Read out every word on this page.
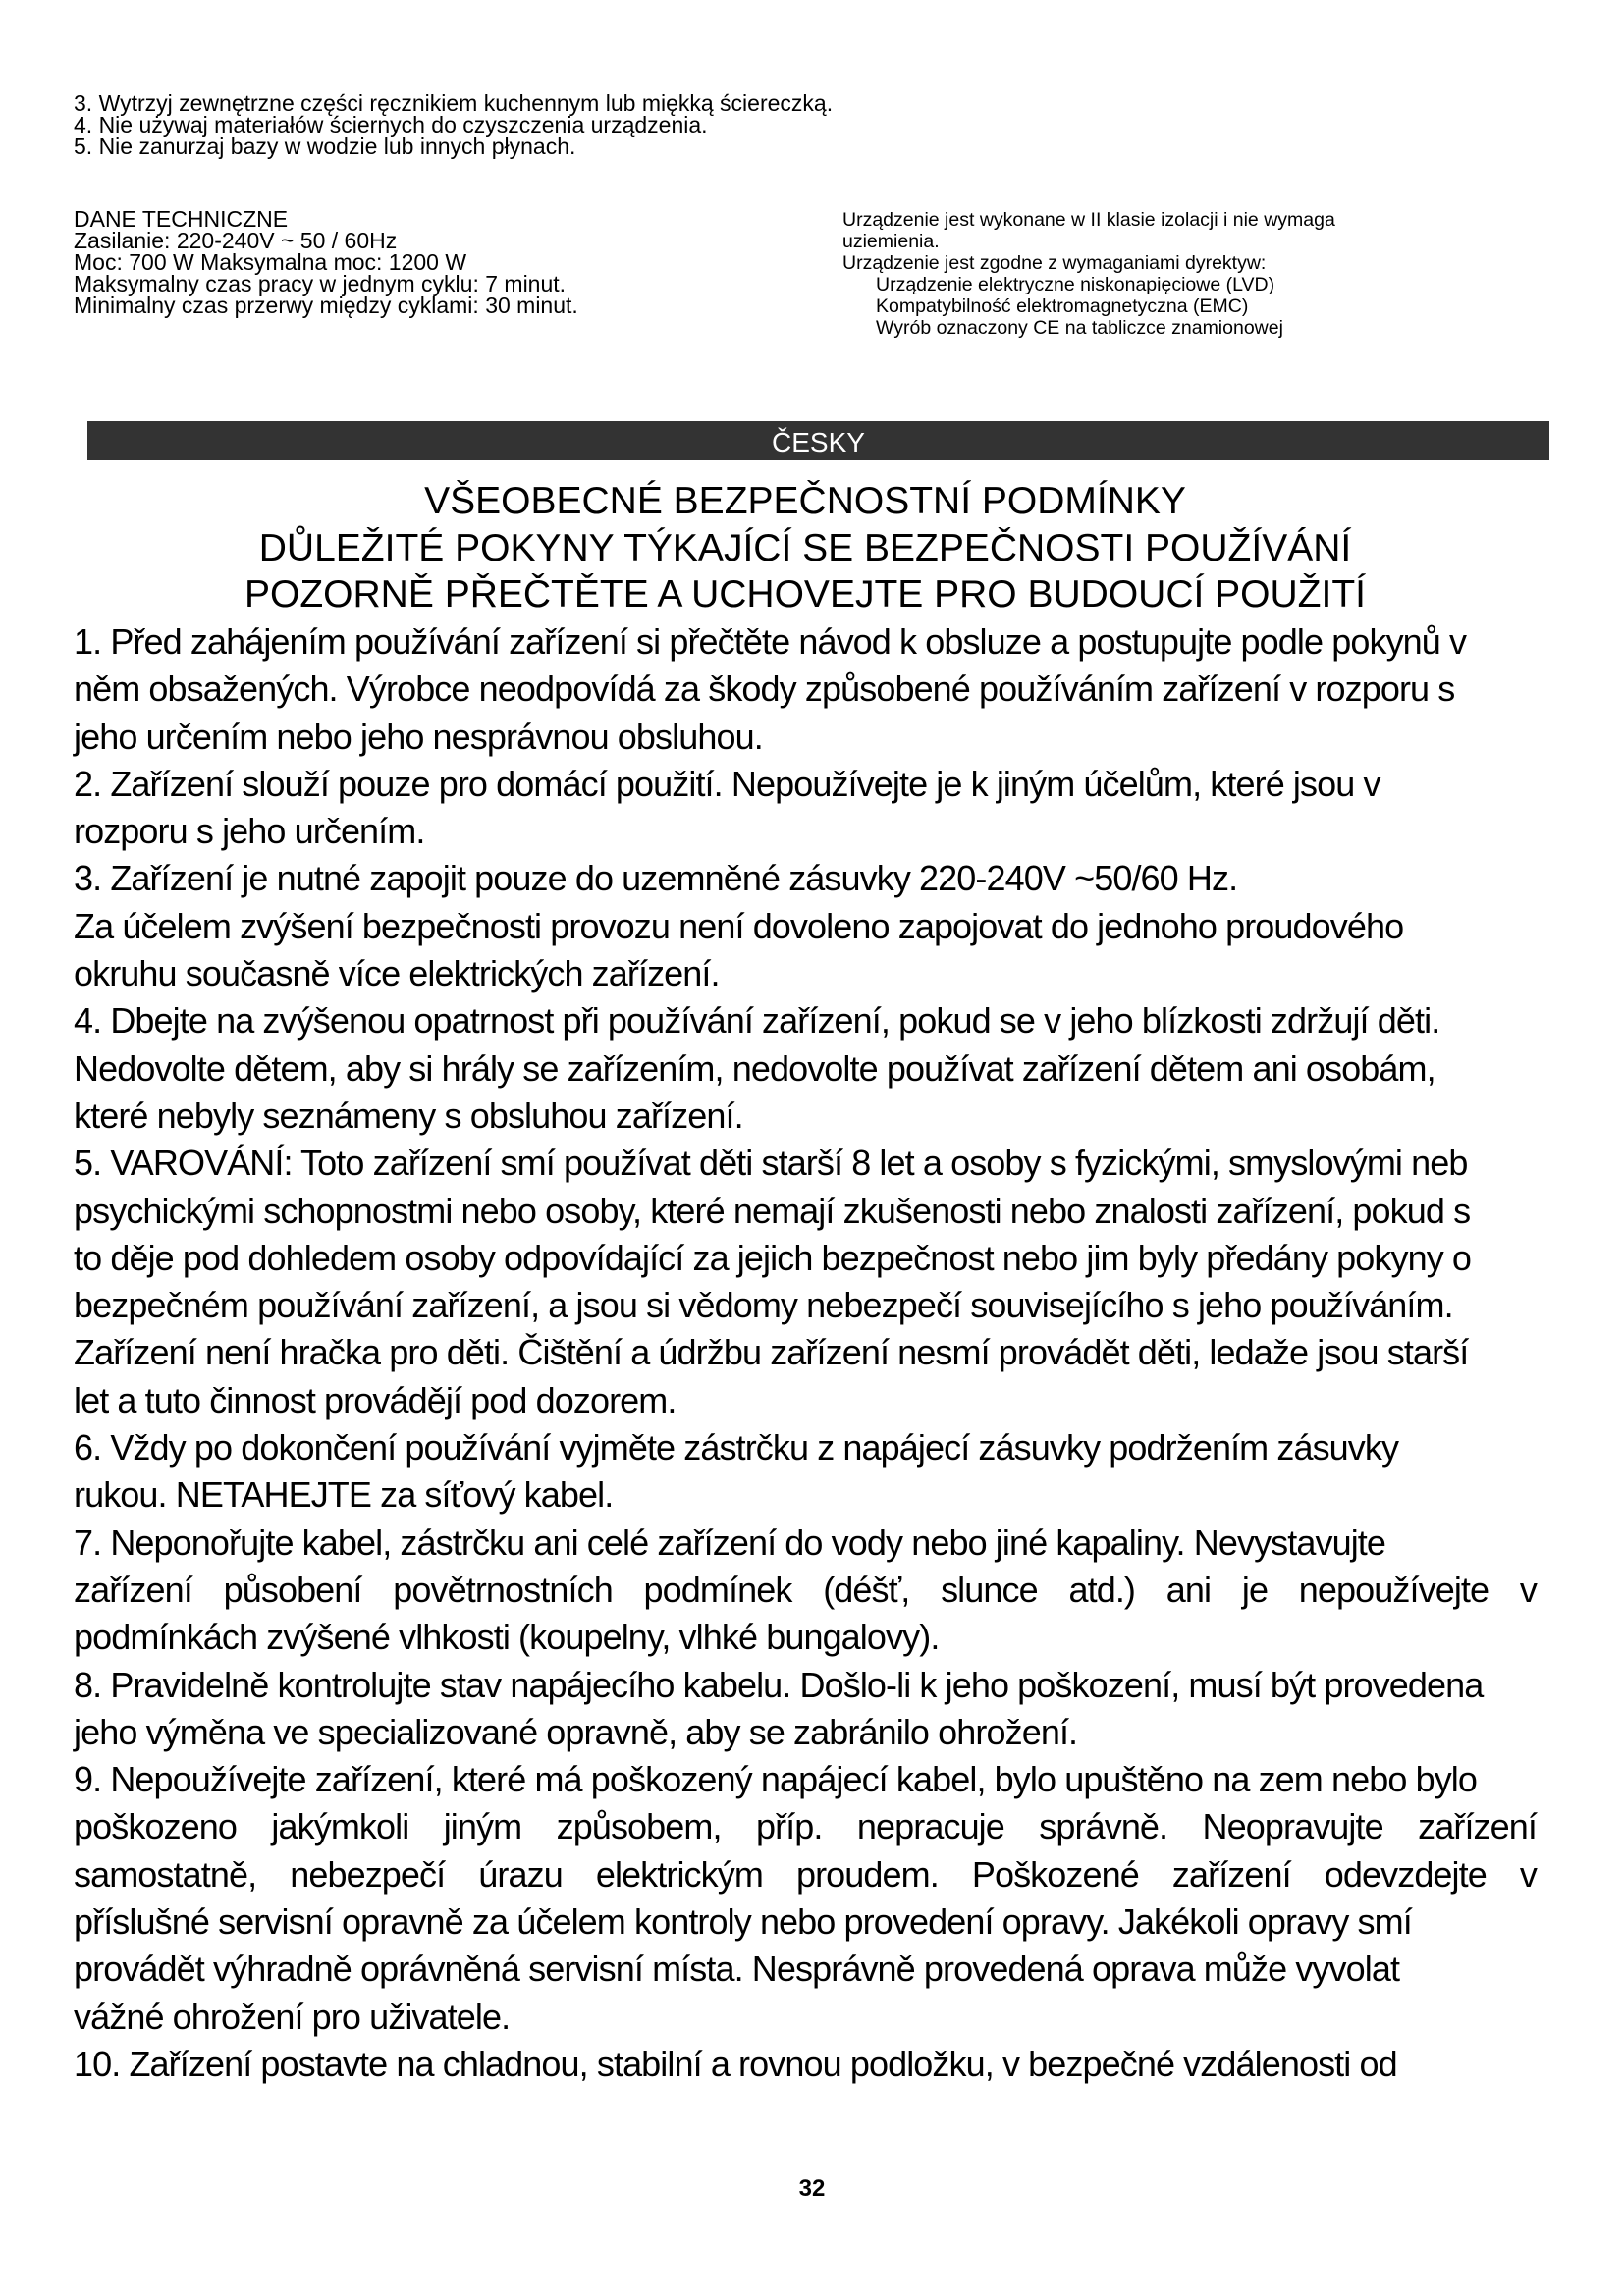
3. Wytrzyj zewnętrzne części ręcznikiem kuchennym lub miękką ściereczką.
4. Nie używaj materiałów ściernych do czyszczenia urządzenia.
5. Nie zanurzaj bazy w wodzie lub innych płynach.
DANE TECHNICZNE
Zasilanie: 220-240V ~ 50 / 60Hz
Moc: 700 W Maksymalna moc: 1200 W
Maksymalny czas pracy w jednym cyklu: 7 minut.
Minimalny czas przerwy między cyklami: 30 minut.
Urządzenie jest wykonane w II klasie izolacji i nie wymaga
uziemienia.
Urządzenie jest zgodne z wymaganiami dyrektyw:
Urządzenie elektryczne niskonapięciowe (LVD)
Kompatybilność elektromagnetyczna (EMC)
Wyrób oznaczony CE na tabliczce znamionowej
ČESKY
VŠEOBECNÉ BEZPEČNOSTNÍ PODMÍNKY
DŮLEŽITÉ POKYNY TÝKAJÍCÍ SE BEZPEČNOSTI POUŽÍVÁNÍ
POZORNĚ PŘEČTĚTE A UCHOVEJTE PRO BUDOUCÍ POUŽITÍ
1. Před zahájením používání zařízení si přečtěte návod k obsluze a postupujte podle pokynů v
něm obsažených. Výrobce neodpovídá za škody způsobené používáním zařízení v rozporu s
jeho určením nebo jeho nesprávnou obsluhou.
2. Zařízení slouží pouze pro domácí použití. Nepoužívejte je k jiným účelům, které jsou v
rozporu s jeho určením.
3. Zařízení je nutné zapojit pouze do uzemněné zásuvky 220-240V ~50/60 Hz.
Za účelem zvýšení bezpečnosti provozu není dovoleno zapojovat do jednoho proudového
okruhu současně více elektrických zařízení.
4. Dbejte na zvýšenou opatrnost při používání zařízení, pokud se v jeho blízkosti zdržují děti.
Nedovolte dětem, aby si hrály se zařízením, nedovolte používat zařízení dětem ani osobám,
které nebyly seznámeny s obsluhou zařízení.
5. VAROVÁNÍ: Toto zařízení smí používat děti starší 8 let a osoby s fyzickými, smyslovými neb
psychickými schopnostmi nebo osoby, které nemají zkušenosti nebo znalosti zařízení, pokud s
to děje pod dohledem osoby odpovídající za jejich bezpečnost nebo jim byly předány pokyny o
bezpečném používání zařízení, a jsou si vědomy nebezpečí souvisejícího s jeho používáním.
Zařízení není hračka pro děti. Čištění a údržbu zařízení nesmí provádět děti, ledaže jsou starší
let a tuto činnost provádějí pod dozorem.
6. Vždy po dokončení používání vyjměte zástrčku z napájecí zásuvky podržením zásuvky
rukou. NETAHEJTE za síťový kabel.
7. Neponořujte kabel, zástrčku ani celé zařízení do vody nebo jiné kapaliny. Nevystavujte
zařízení působení povětrnostních podmínek (déšť, slunce atd.) ani je nepoužívejte v
podmínkách zvýšené vlhkosti (koupelny, vlhké bungalovy).
8. Pravidelně kontrolujte stav napájecího kabelu. Došlo-li k jeho poškození, musí být provedena
jeho výměna ve specializované opravně, aby se zabránilo ohrožení.
9. Nepoužívejte zařízení, které má poškozený napájecí kabel, bylo upuštěno na zem nebo bylo
poškozeno jakýmkoli jiným způsobem, příp. nepracuje správně. Neopravujte zařízení
samostatně, nebezpečí úrazu elektrickým proudem. Poškozené zařízení odevzdejte v
příslušné servisní opravně za účelem kontroly nebo provedení opravy. Jakékoli opravy smí
provádět výhradně oprávněná servisní místa. Nesprávně provedená oprava může vyvolat
vážné ohrožení pro uživatele.
10. Zařízení postavte na chladnou, stabilní a rovnou podložku, v bezpečné vzdálenosti od
32
